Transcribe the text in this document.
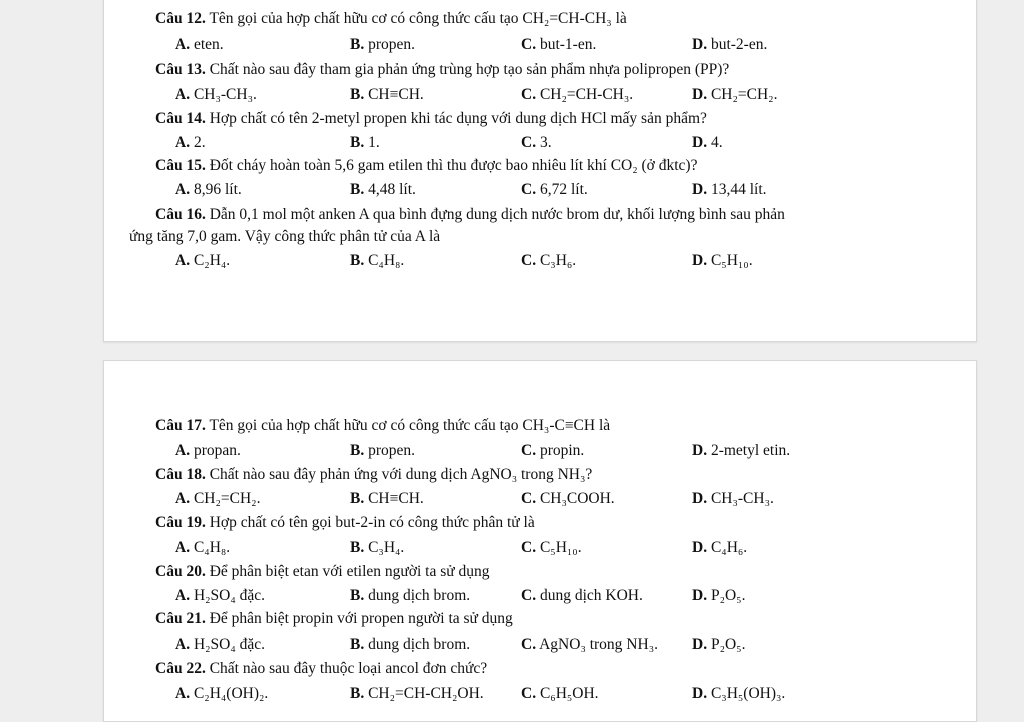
Câu 12. Tên gọi của hợp chất hữu cơ có công thức cấu tạo CH₂=CH-CH₃ là
A. eten.	B. propen.	C. but-1-en.	D. but-2-en.
Câu 13. Chất nào sau đây tham gia phản ứng trùng hợp tạo sản phẩm nhựa polipropen (PP)?
A. CH₃-CH₃.	B. CH≡CH.	C. CH₂=CH-CH₃.	D. CH₂=CH₂.
Câu 14. Hợp chất có tên 2-metyl propen khi tác dụng với dung dịch HCl mấy sản phẩm?
A. 2.	B. 1.	C. 3.	D. 4.
Câu 15. Đốt cháy hoàn toàn 5,6 gam etilen thì thu được bao nhiêu lít khí CO₂ (ở đktc)?
A. 8,96 lít.	B. 4,48 lít.	C. 6,72 lít.	D. 13,44 lít.
Câu 16. Dẫn 0,1 mol một anken A qua bình đựng dung dịch nước brom dư, khối lượng bình sau phản
ứng tăng 7,0 gam. Vậy công thức phân tử của A là
A. C₂H₄.	B. C₄H₈.	C. C₃H₆.	D. C₅H₁₀.
Câu 17. Tên gọi của hợp chất hữu cơ có công thức cấu tạo CH₃-C≡CH là
A. propan.	B. propen.	C. propin.	D. 2-metyl etin.
Câu 18. Chất nào sau đây phản ứng với dung dịch AgNO₃ trong NH₃?
A. CH₂=CH₂.	B. CH≡CH.	C. CH₃COOH.	D. CH₃-CH₃.
Câu 19. Hợp chất có tên gọi but-2-in có công thức phân tử là
A. C₄H₈.	B. C₃H₄.	C. C₅H₁₀.	D. C₄H₆.
Câu 20. Để phân biệt etan với etilen người ta sử dụng
A. H₂SO₄ đặc.	B. dung dịch brom.	C. dung dịch KOH.	D. P₂O₅.
Câu 21. Để phân biệt propin với propen người ta sử dụng
A. H₂SO₄ đặc.	B. dung dịch brom.	C. AgNO₃ trong NH₃. D. P₂O₅.
Câu 22. Chất nào sau đây thuộc loại ancol đơn chức?
A. C₂H₄(OH)₂.	B. CH₂=CH-CH₂OH. C. C₆H₅OH.	D. C₃H₅(OH)₃.
